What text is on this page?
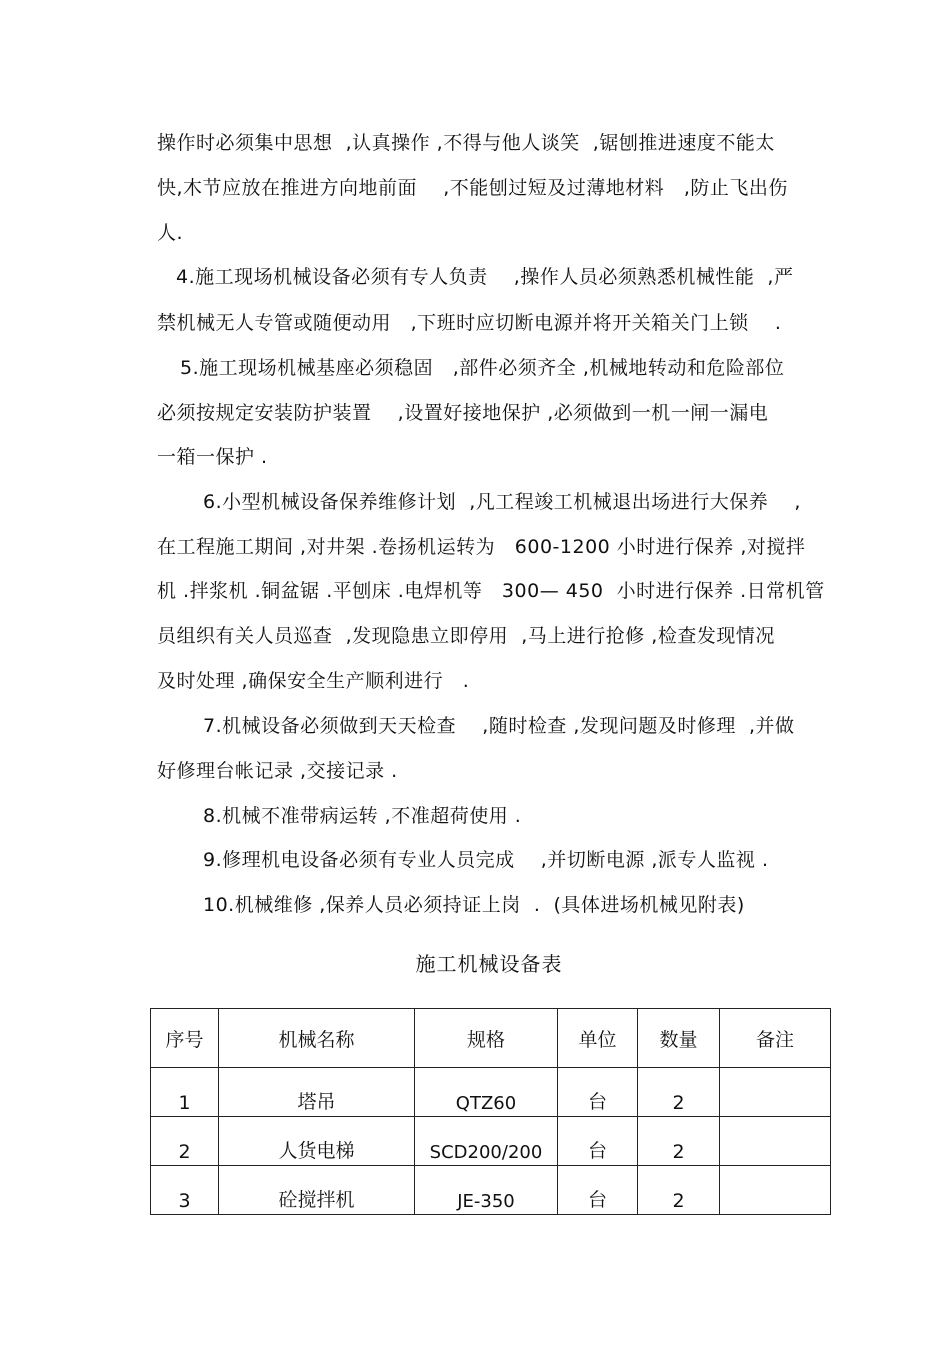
操作时必须集中思想  ,认真操作 ,不得与他人谈笑  ,锯刨推进速度不能太
快,木节应放在推进方向地前面    ,不能刨过短及过薄地材料   ,防止飞出伤
人.
4.施工现场机械设备必须有专人负责    ,操作人员必须熟悉机械性能  ,严
禁机械无人专管或随便动用   ,下班时应切断电源并将开关箱关门上锁    .
5.施工现场机械基座必须稳固   ,部件必须齐全 ,机械地转动和危险部位
必须按规定安装防护装置    ,设置好接地保护 ,必须做到一机一闸一漏电
一箱一保护 .
6.小型机械设备保养维修计划  ,凡工程竣工机械退出场进行大保养    ,
在工程施工期间 ,对井架 .卷扬机运转为   600-1200 小时进行保养 ,对搅拌
机 .拌浆机 .铜盆锯 .平刨床 .电焊机等   300— 450  小时进行保养 .日常机管
员组织有关人员巡查  ,发现隐患立即停用  ,马上进行抢修 ,检查发现情况
及时处理 ,确保安全生产顺利进行   .
7.机械设备必须做到天天检查    ,随时检查 ,发现问题及时修理  ,并做
好修理台帐记录 ,交接记录 .
8.机械不准带病运转 ,不准超荷使用 .
9.修理机电设备必须有专业人员完成    ,并切断电源 ,派专人监视 .
10.机械维修 ,保养人员必须持证上岗  .  (具体进场机械见附表)
施工机械设备表
序号	机械名称	规格	单位	数量	备注
1	塔吊	QTZ60	台	2	
2	人货电梯	SCD200/200	台	2	
3	砼搅拌机	JE-350	台	2	
